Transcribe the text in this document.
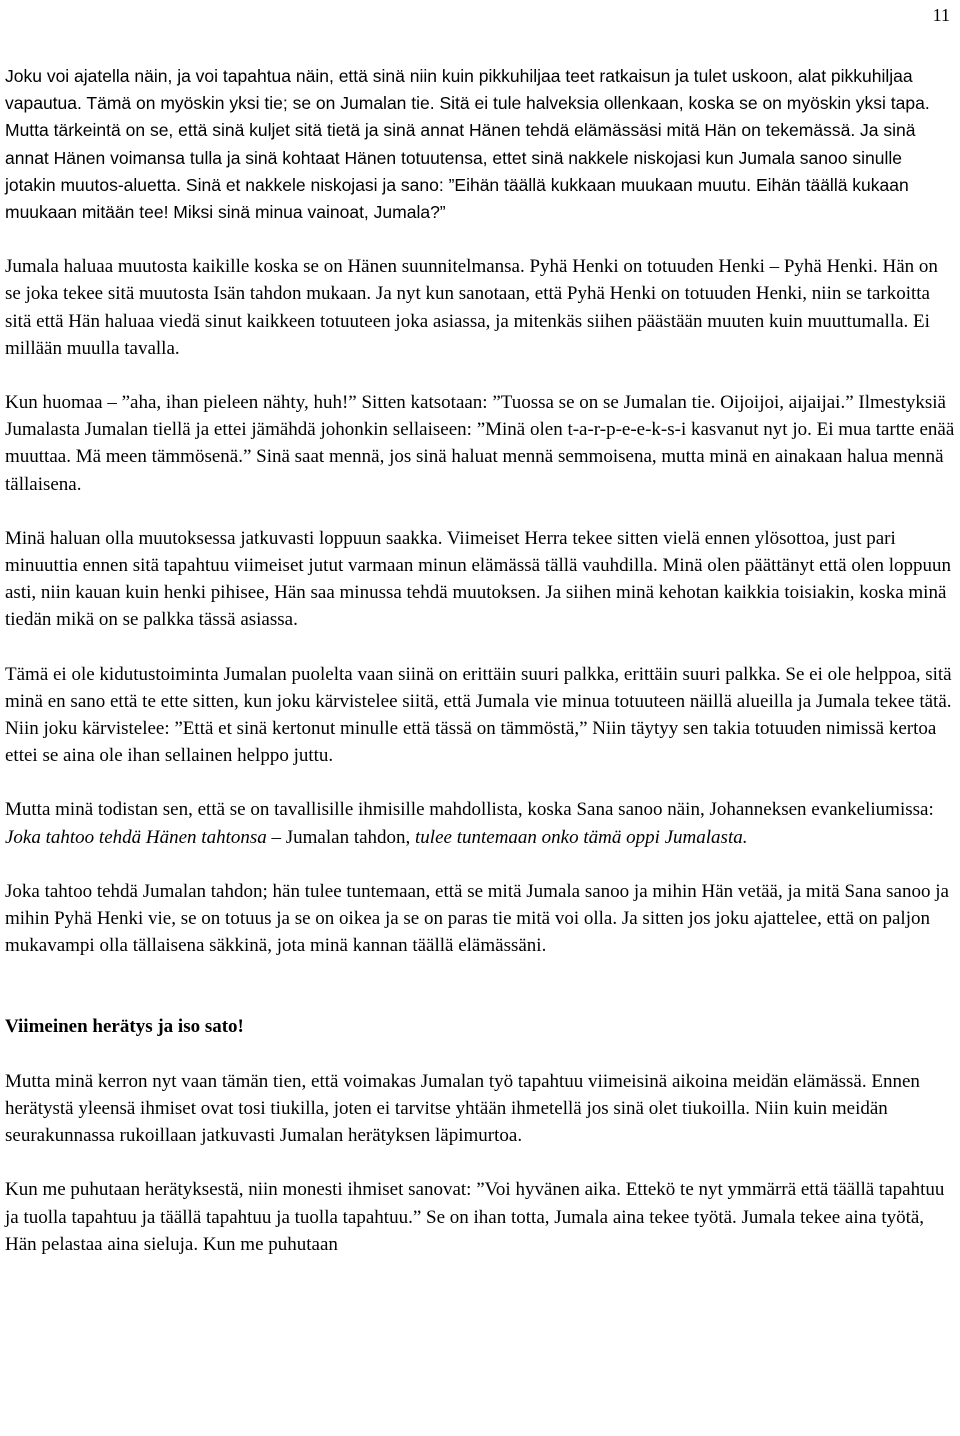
11

Joku voi ajatella näin, ja voi tapahtua näin, että sinä niin kuin pikkuhiljaa teet ratkaisun ja tulet uskoon, alat pikkuhiljaa vapautua. Tämä on myöskin yksi tie; se on Jumalan tie. Sitä ei tule halveksia ollenkaan, koska se on myöskin yksi tapa. Mutta tärkeintä on se, että sinä kuljet sitä tietä ja sinä annat Hänen tehdä elämässäsi mitä Hän on tekemässä. Ja sinä annat Hänen voimansa tulla ja sinä kohtaat Hänen totuutensa, ettet sinä nakkele niskojasi kun Jumala sanoo sinulle jotakin muutos-aluetta. Sinä et nakkele niskojasi ja sano: ”Eihän täällä kukkaan muukaan muutu. Eihän täällä kukaan muukaan mitään tee! Miksi sinä minua vainoat, Jumala?”

Jumala haluaa muutosta kaikille koska se on Hänen suunnitelmansa. Pyhä Henki on totuuden Henki – Pyhä Henki. Hän on se joka tekee sitä muutosta Isän tahdon mukaan. Ja nyt kun sanotaan, että Pyhä Henki on totuuden Henki, niin se tarkoitta sitä että Hän haluaa viedä sinut kaikkeen totuuteen joka asiassa, ja mitenkäs siihen päästään muuten kuin muuttumalla. Ei millään muulla tavalla.

Kun huomaa – ”aha, ihan pieleen nähty, huh!” Sitten katsotaan: ”Tuossa se on se Jumalan tie. Oijoijoi, aijaijai.” Ilmestyksiä Jumalasta Jumalan tiellä ja ettei jämähdä johonkin sellaiseen: ”Minä olen t-a-r-p-e-e-k-s-i kasvanut nyt jo. Ei mua tartte enää muuttaa. Mä meen tämmösenä.” Sinä saat mennä, jos sinä haluat mennä semmoisena, mutta minä en ainakaan halua mennä tällaisena.

Minä haluan olla muutoksessa jatkuvasti loppuun saakka. Viimeiset Herra tekee sitten vielä ennen ylösottoa, just pari minuuttia ennen sitä tapahtuu viimeiset jutut varmaan minun elämässä tällä vauhdilla. Minä olen päättänyt että olen loppuun asti, niin kauan kuin henki pihisee, Hän saa minussa tehdä muutoksen. Ja siihen minä kehotan kaikkia toisiakin, koska minä tiedän mikä on se palkka tässä asiassa.

Tämä ei ole kidutustoiminta Jumalan puolelta vaan siinä on erittäin suuri palkka, erittäin suuri palkka. Se ei ole helppoa, sitä minä en sano että te ette sitten, kun joku kärvistelee siitä, että Jumala vie minua totuuteen näillä alueilla ja Jumala tekee tätä. Niin joku kärvistelee: ”Että et sinä kertonut minulle että tässä on tämmöstä,” Niin täytyy sen takia totuuden nimissä kertoa ettei se aina ole ihan sellainen helppo juttu.

Mutta minä todistan sen, että se on tavallisille ihmisille mahdollista, koska Sana sanoo näin, Johanneksen evankeliumissa: Joka tahtoo tehdä Hänen tahtonsa – Jumalan tahdon, tulee tuntemaan onko tämä oppi Jumalasta.

Joka tahtoo tehdä Jumalan tahdon; hän tulee tuntemaan, että se mitä Jumala sanoo ja mihin Hän vetää, ja mitä Sana sanoo ja mihin Pyhä Henki vie, se on totuus ja se on oikea ja se on paras tie mitä voi olla. Ja sitten jos joku ajattelee, että on paljon mukavampi olla tällaisena säkkinä, jota minä kannan täällä elämässäni.

Viimeinen herätys ja iso sato!

Mutta minä kerron nyt vaan tämän tien, että voimakas Jumalan työ tapahtuu viimeisinä aikoina meidän elämässä. Ennen herätystä yleensä ihmiset ovat tosi tiukilla, joten ei tarvitse yhtään ihmetellä jos sinä olet tiukoilla. Niin kuin meidän seurakunnassa rukoillaan jatkuvasti Jumalan herätyksen läpimurtoa.

Kun me puhutaan herätyksestä, niin monesti ihmiset sanovat: ”Voi hyvänen aika. Ettekö te nyt ymmärrä että täällä tapahtuu ja tuolla tapahtuu ja täällä tapahtuu ja tuolla tapahtuu.” Se on ihan totta, Jumala aina tekee työtä. Jumala tekee aina työtä, Hän pelastaa aina sieluja. Kun me puhutaan
